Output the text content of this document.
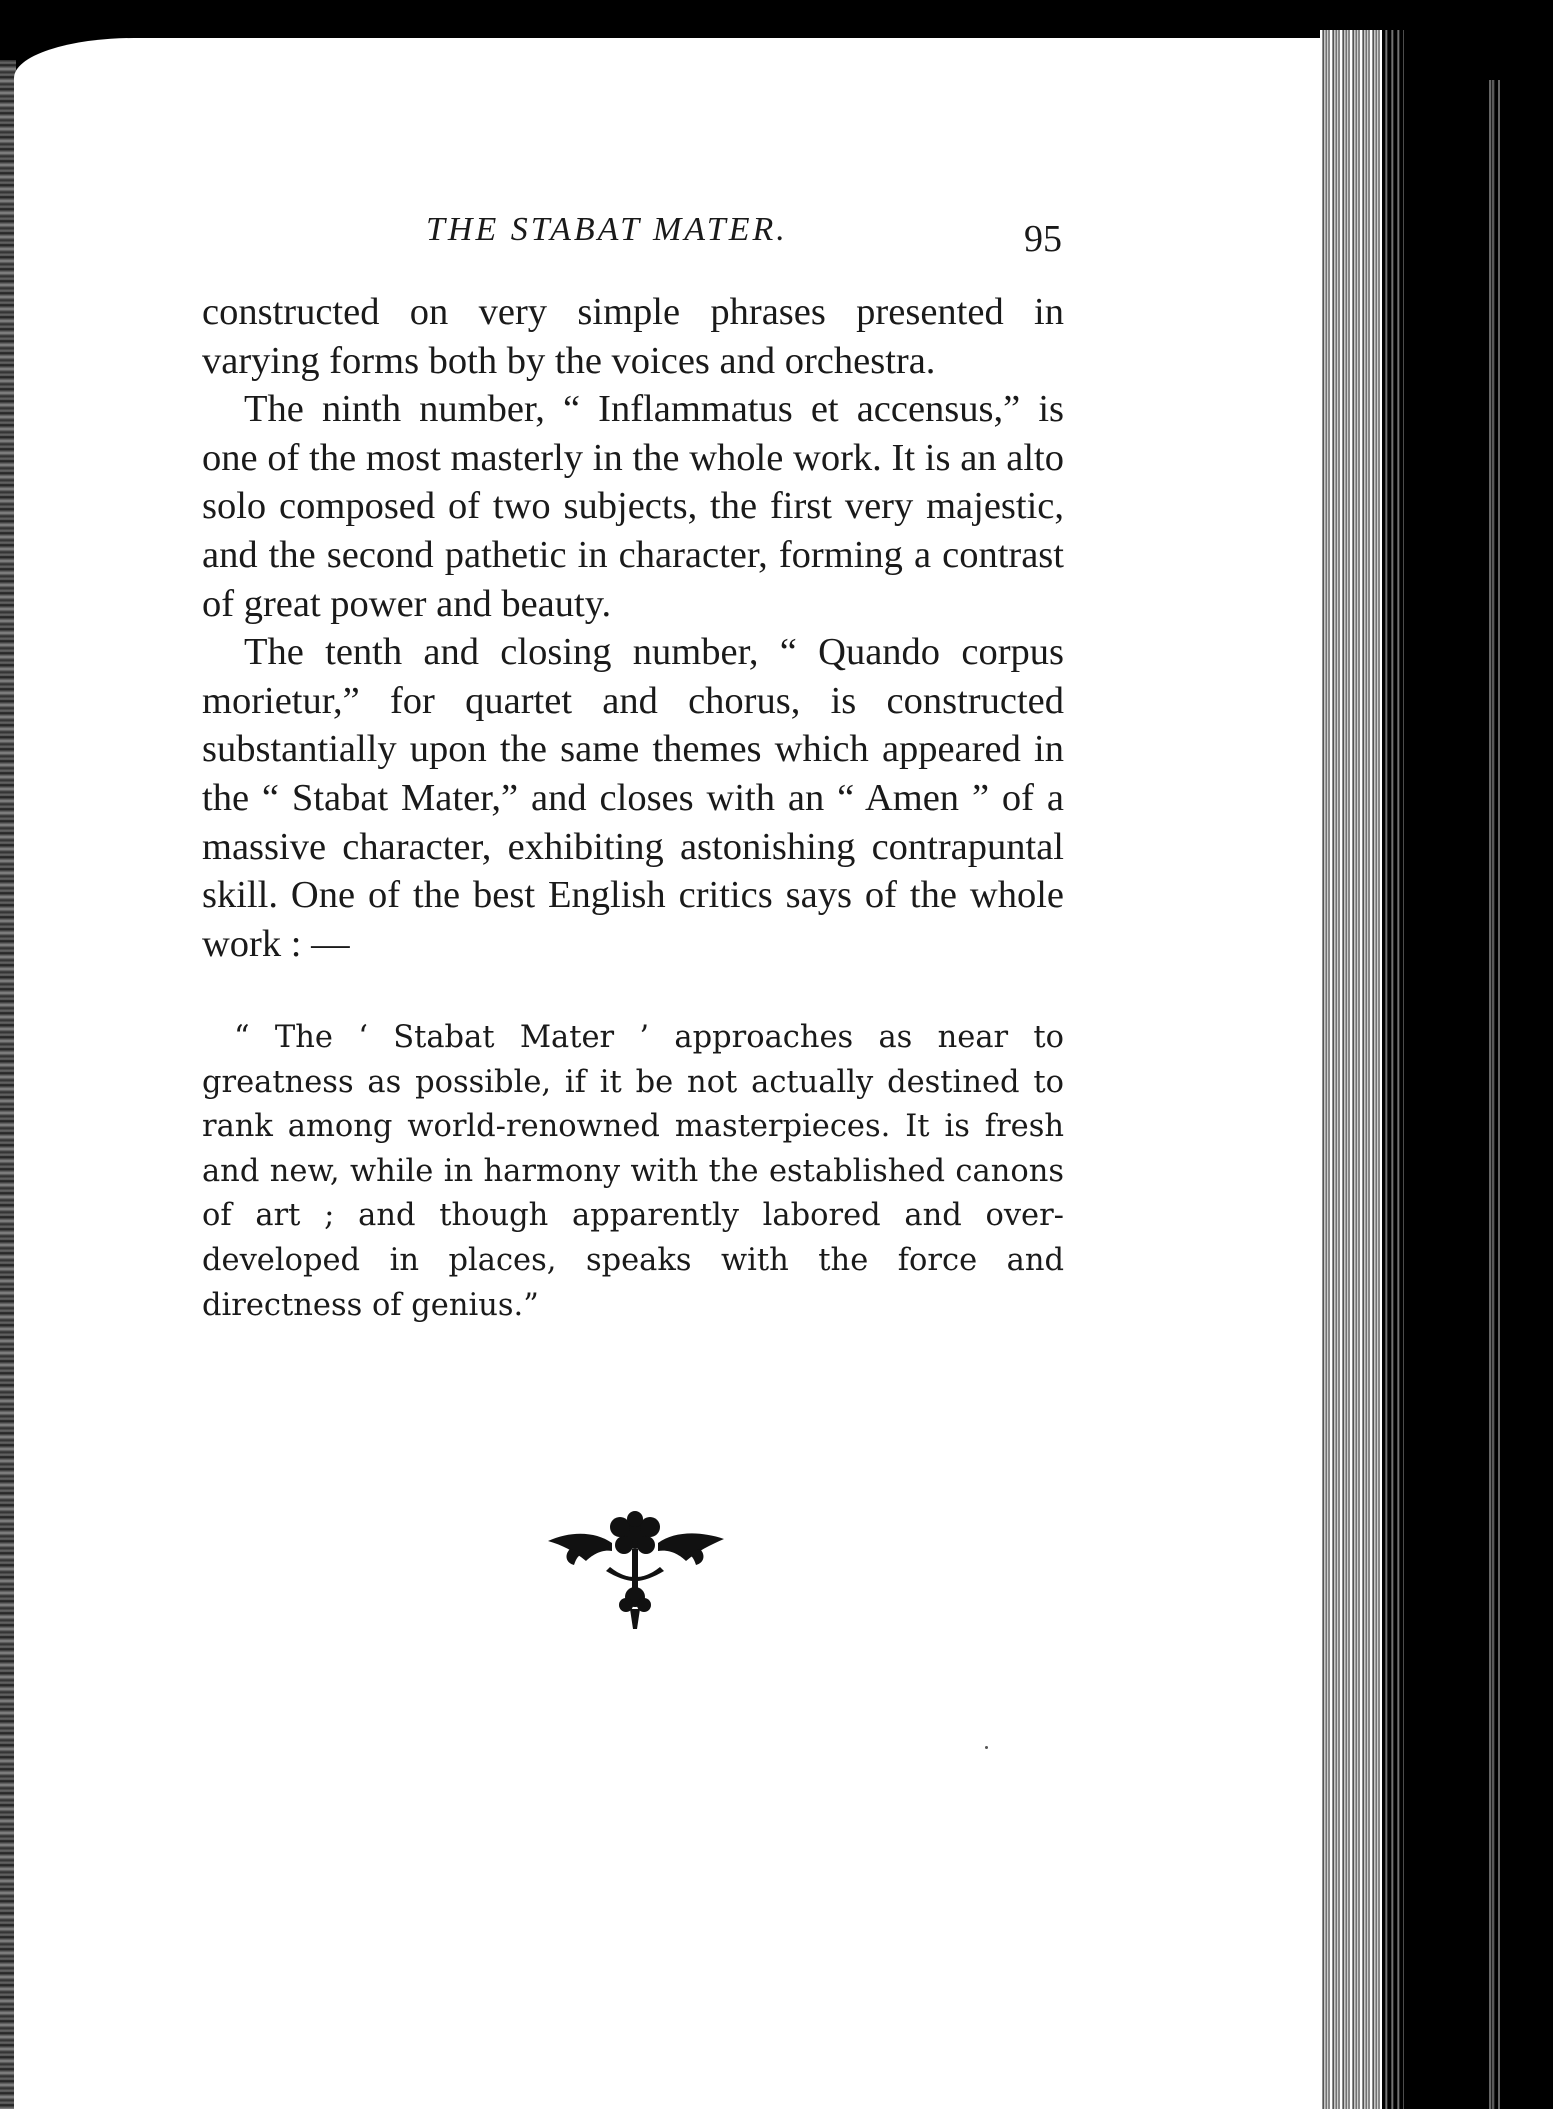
THE STABAT MATER.	95

constructed on very simple phrases presented in varying forms both by the voices and orchestra.

The ninth number, “ Inflammatus et accensus,” is one of the most masterly in the whole work. It is an alto solo composed of two subjects, the first very majestic, and the second pathetic in character, forming a contrast of great power and beauty.

The tenth and closing number, “ Quando corpus morietur,” for quartet and chorus, is constructed substantially upon the same themes which appeared in the “ Stabat Mater,” and closes with an “ Amen ” of a massive character, exhibiting astonishing contrapuntal skill. One of the best English critics says of the whole work : —

“ The ‘ Stabat Mater ’ approaches as near to greatness as possible, if it be not actually destined to rank among world-renowned masterpieces. It is fresh and new, while in harmony with the established canons of art ; and though apparently labored and over-developed in places, speaks with the force and directness of genius.”
